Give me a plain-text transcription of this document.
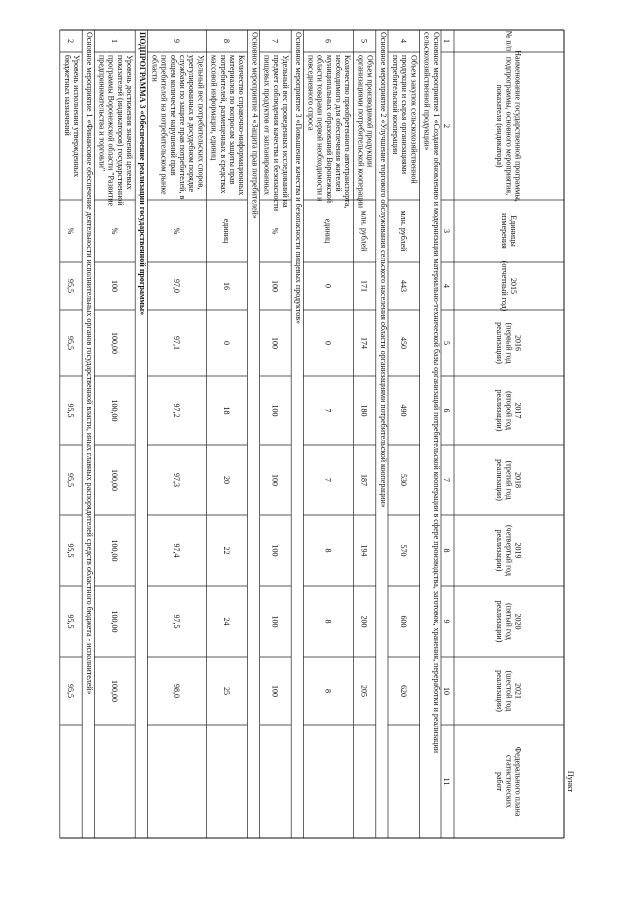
Пункт
№ п/п
Наименование государственной программы,подпрограммы, основного мероприятия,показателя (индикатора)
Единицыизмерения
2015(отчетный год)
2016(первый годреализации)
2017(второй годреализации)
2018(третий годреализации)
2019(четвертый годреализации)
2020(пятый годреализации)
2021(шестой годреализации)
Федерального планастатистическихработ
1
2
3
4
5
6
7
8
9
10
11
Основное мероприятие 1 «Создание обновлению и модернизации материально-технической базы организаций потребительской кооперации в сфере производства, заготовок, хранения, переработки и реализациисельскохозяйственной продукции»
4
Объем закупок сельскохозяйственнойпродукции и сырья организациямипотребительской кооперации
млн. рублей
443
450
490
530
570
600
620
Основное мероприятие 2 «Улучшение торгового обслуживания сельского населения области организациями потребительской кооперации»
5
Объем производимой продукцииорганизациями потребительской кооперации
млн. рублей
171
174
180
187
194
200
205
6
Количество приобретенного автотранспорта,необходимого для обеспечения жителеймуниципальных образований Воронежскойобласти товарами первой необходимости иповседневного спроса
единиц
0
0
7
7
8
8
8
Основное мероприятие 3 «Повышение качества и безопасности пищевых продуктов»
7
Удельный вес проведенных исследований напредмет соблюдения качества и безопасностипищевых продуктов от запланированных
%
100
100
100
100
100
100
100
Основное мероприятие 4 «Защита прав потребителей»
8
Количество справочно-информационныхматериалов по вопросам защиты правпотребителей, размещенных в средствахмассовой информации, единиц
единиц
16
0
18
20
22
24
25
9
Удельный вес потребительских споров,урегулированных в досудебном порядкеслужбами по защите прав потребителей, вобщем количестве нарушений правпотребителей на потребительском рынкеобласти
%
97,0
97,1
97,2
97,3
97,4
97,5
98,0
ПОДПРОГРАММА 3 «Обеспечение реализации государственной программы»
1
Уровень достижения значений целевыхпоказателей (индикаторов) государственнойпрограммы Воронежской области "Развитиепредпринимательства и торговли"
%
100
100,00
100,00
100,00
100,00
100,00
100,00
Основное мероприятие 1 «Финансовое обеспечение деятельности исполнительных органов государственной власти, иных главных распорядителей средств областного бюджета - исполнителей»
2
Уровень исполнения утвержденныхбюджетных назначений
%
95,5
95,5
95,5
95,5
95,5
95,5
95,5
